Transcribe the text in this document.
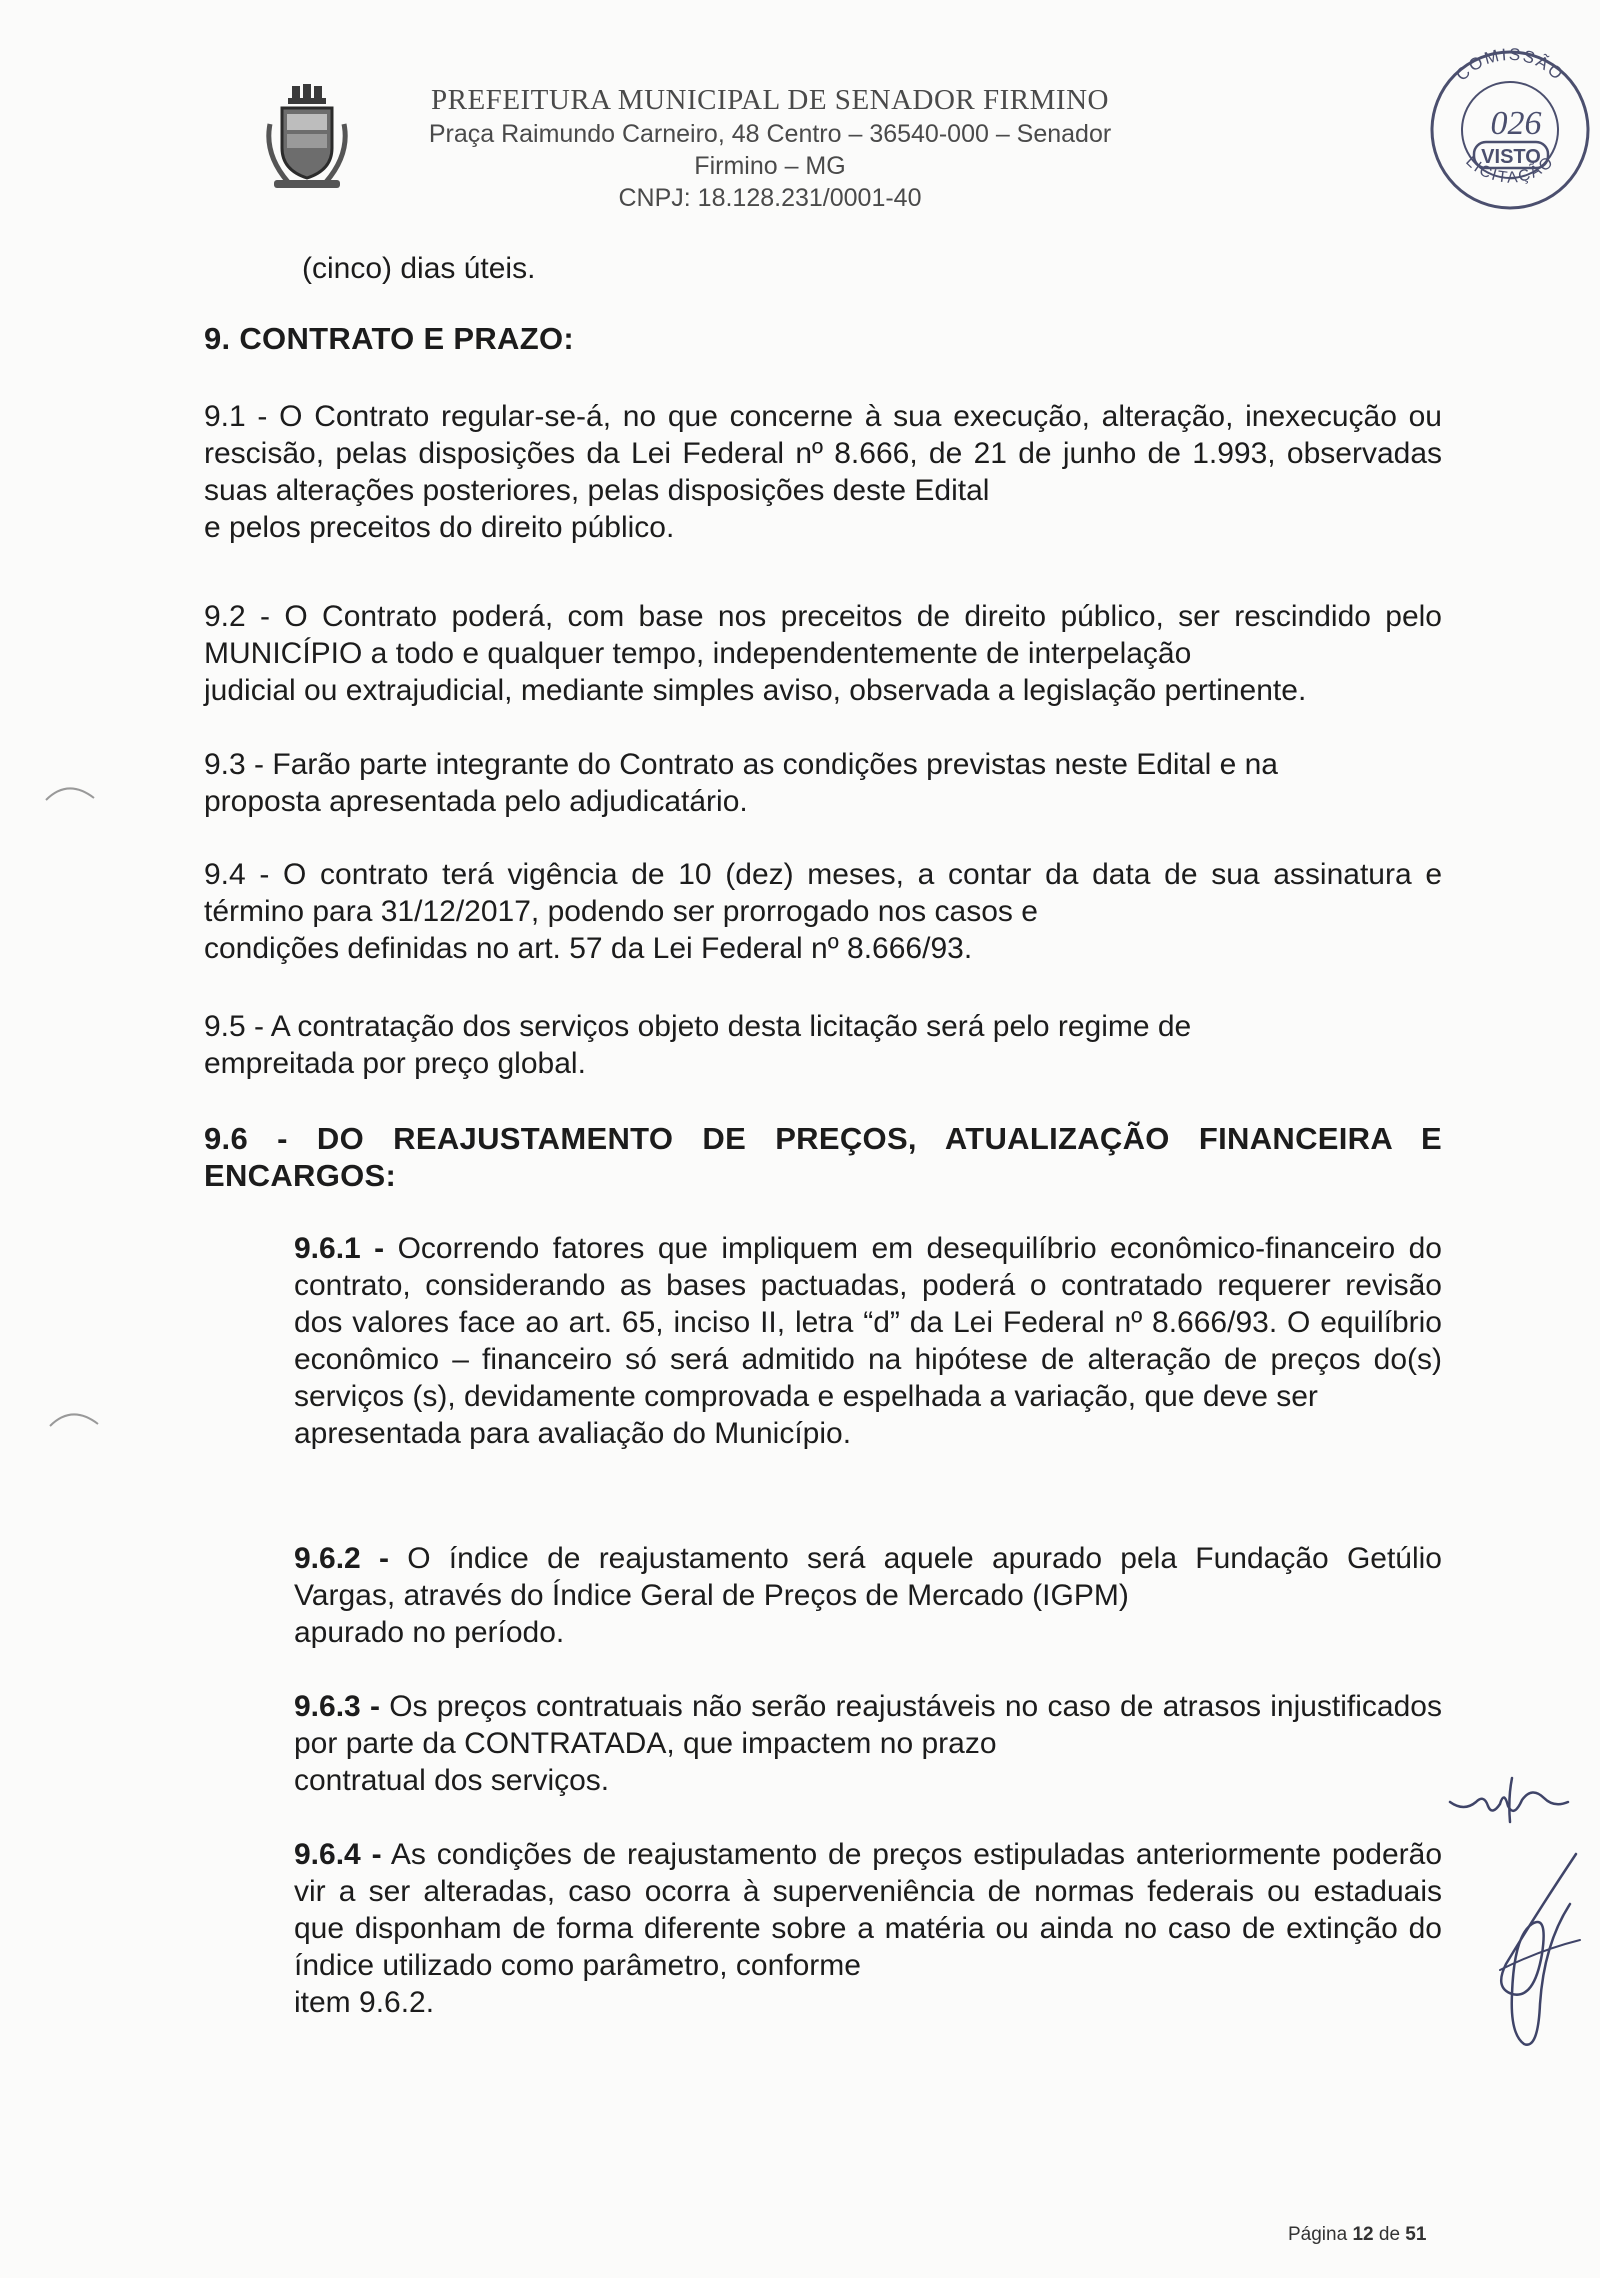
PREFEITURA MUNICIPAL DE SENADOR FIRMINO
Praça Raimundo Carneiro, 48 Centro – 36540-000 – Senador Firmino – MG
CNPJ: 18.128.231/0001-40
COMISSÃO
LICITAÇÃO
026
VISTO
(cinco) dias úteis.
9. CONTRATO E PRAZO:
9.1 - O Contrato regular-se-á, no que concerne à sua execução, alteração, inexecução ou rescisão, pelas disposições da Lei Federal nº 8.666, de 21 de junho de 1.993, observadas suas alterações posteriores, pelas disposições deste Edital
e pelos preceitos do direito público.
9.2 - O Contrato poderá, com base nos preceitos de direito público, ser rescindido pelo MUNICÍPIO a todo e qualquer tempo, independentemente de interpelação
judicial ou extrajudicial, mediante simples aviso, observada a legislação pertinente.
9.3 - Farão parte integrante do Contrato as condições previstas neste Edital e na
proposta apresentada pelo adjudicatário.
9.4 - O contrato terá vigência de 10 (dez) meses, a contar da data de sua assinatura e término para 31/12/2017, podendo ser prorrogado nos casos e
condições definidas no art. 57 da Lei Federal nº 8.666/93.
9.5 - A contratação dos serviços objeto desta licitação será pelo regime de
empreitada por preço global.
9.6 - DO REAJUSTAMENTO DE PREÇOS, ATUALIZAÇÃO FINANCEIRA E ENCARGOS:
9.6.1 - Ocorrendo fatores que impliquem em desequilíbrio econômico-financeiro do contrato, considerando as bases pactuadas, poderá o contratado requerer revisão dos valores face ao art. 65, inciso II, letra “d” da Lei Federal nº 8.666/93. O equilíbrio econômico – financeiro só será admitido na hipótese de alteração de preços do(s) serviços (s), devidamente comprovada e espelhada a variação, que deve ser
apresentada para avaliação do Município.
9.6.2 - O índice de reajustamento será aquele apurado pela Fundação Getúlio Vargas, através do Índice Geral de Preços de Mercado (IGPM)
apurado no período.
9.6.3 - Os preços contratuais não serão reajustáveis no caso de atrasos injustificados por parte da CONTRATADA, que impactem no prazo
contratual dos serviços.
9.6.4 - As condições de reajustamento de preços estipuladas anteriormente poderão vir a ser alteradas, caso ocorra à superveniência de normas federais ou estaduais que disponham de forma diferente sobre a matéria ou ainda no caso de extinção do índice utilizado como parâmetro, conforme
item 9.6.2.
Página 12 de 51
